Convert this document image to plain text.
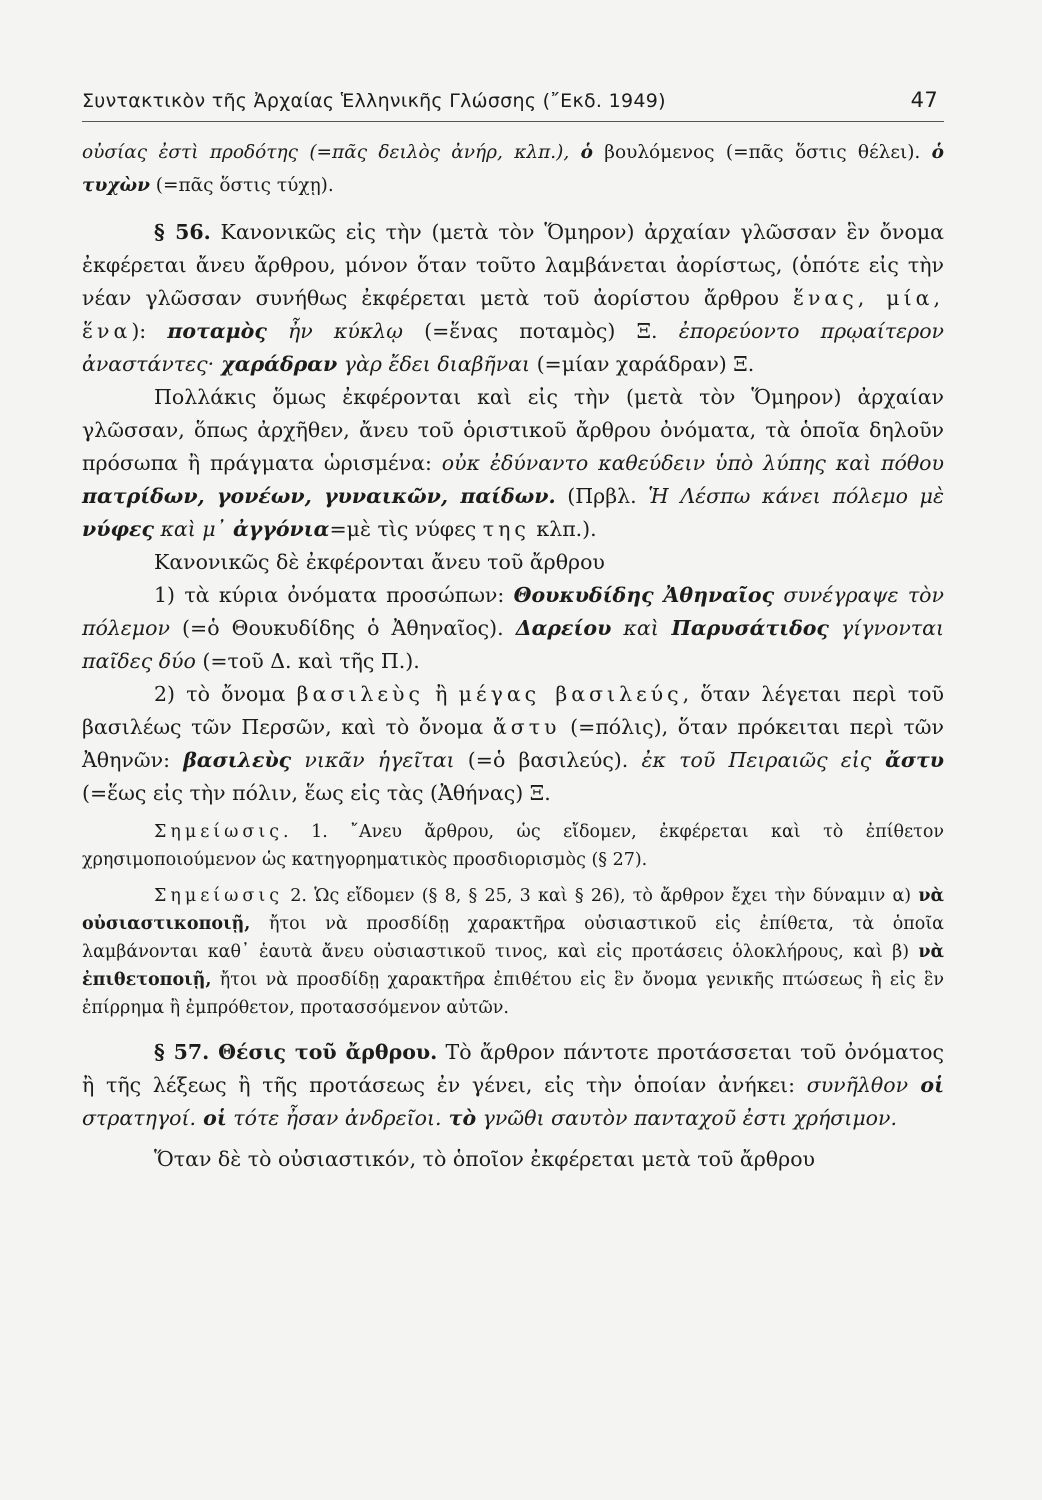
Συντακτικὸν τῆς Ἀρχαίας Ἑλληνικῆς Γλώσσης (῎Εκδ. 1949)	47

οὐσίας ἐστὶ προδότης (=πᾶς δειλὸς ἀνήρ, κλπ.), ὁ βουλόμενος (=πᾶς ὅστις θέλει). ὁ τυχὼν (=πᾶς ὅστις τύχῃ).

§ 56. Κανονικῶς εἰς τὴν (μετὰ τὸν Ὅμηρον) ἀρχαίαν γλῶσσαν ἓν ὄνομα ἐκφέρεται ἄνευ ἄρθρου, μόνον ὅταν τοῦτο λαμβάνεται ἀορίστως, (ὁπότε εἰς τὴν νέαν γλῶσσαν συνήθως ἐκφέρεται μετὰ τοῦ ἀορίστου ἄρθρου ἕνας, μία, ἕνα): ποταμὸς ἦν κύκλῳ (=ἕνας ποταμὸς) Ξ. ἐπορεύοντο πρῳαίτερον ἀναστάντες· χαράδραν γὰρ ἔδει διαβῆναι (=μίαν χαράδραν) Ξ.

Πολλάκις ὅμως ἐκφέρονται καὶ εἰς τὴν (μετὰ τὸν Ὅμηρον) ἀρχαίαν γλῶσσαν, ὅπως ἀρχῆθεν, ἄνευ τοῦ ὁριστικοῦ ἄρθρου ὀνόματα, τὰ ὁποῖα δηλοῦν πρόσωπα ἢ πράγματα ὡρισμένα: οὐκ ἐδύναντο καθεύδειν ὑπὸ λύπης καὶ πόθου πατρίδων, γονέων, γυναικῶν, παίδων. (Πρβλ. Ἡ Λέσπω κάνει πόλεμο μὲ νύφες καὶ μ᾽ ἀγγόνια=μὲ τὶς νύφες της κλπ.).

Κανονικῶς δὲ ἐκφέρονται ἄνευ τοῦ ἄρθρου

1) τὰ κύρια ὀνόματα προσώπων: Θουκυδίδης Ἀθηναῖος συνέγραψε τὸν πόλεμον (=ὁ Θουκυδίδης ὁ Ἀθηναῖος). Δαρείου καὶ Παρυσάτιδος γίγνονται παῖδες δύο (=τοῦ Δ. καὶ τῆς Π.).

2) τὸ ὄνομα βασιλεὺς ἢ μέγας βασιλεύς, ὅταν λέγεται περὶ τοῦ βασιλέως τῶν Περσῶν, καὶ τὸ ὄνομα ἄστυ (=πόλις), ὅταν πρόκειται περὶ τῶν Ἀθηνῶν: βασιλεὺς νικᾶν ἡγεῖται (=ὁ βασιλεύς). ἐκ τοῦ Πειραιῶς εἰς ἄστυ (=ἕως εἰς τὴν πόλιν, ἕως εἰς τὰς (Ἀθήνας) Ξ.

Σημείωσις. 1. ῎Ανευ ἄρθρου, ὡς εἴδομεν, ἐκφέρεται καὶ τὸ ἐπίθετον χρησιμοποιούμενον ὡς κατηγορηματικὸς προσδιορισμὸς (§ 27).

Σημείωσις 2. Ὡς εἴδομεν (§ 8, § 25, 3 καὶ § 26), τὸ ἄρθρον ἔχει τὴν δύναμιν α) νὰ οὐσιαστικοποιῇ, ἤτοι νὰ προσδίδῃ χαρακτῆρα οὐσιαστικοῦ εἰς ἐπίθετα, τὰ ὁποῖα λαμβάνονται καθ᾽ ἑαυτὰ ἄνευ οὐσιαστικοῦ τινος, καὶ εἰς προτάσεις ὁλοκλήρους, καὶ β) νὰ ἐπιθετοποιῇ, ἤτοι νὰ προσδίδῃ χαρακτῆρα ἐπιθέτου εἰς ἓν ὄνομα γενικῆς πτώσεως ἢ εἰς ἓν ἐπίρρημα ἢ ἐμπρόθετον, προτασσόμενον αὐτῶν.

§ 57. Θέσις τοῦ ἄρθρου. Τὸ ἄρθρον πάντοτε προτάσσεται τοῦ ὀνόματος ἢ τῆς λέξεως ἢ τῆς προτάσεως ἐν γένει, εἰς τὴν ὁποίαν ἀνήκει: συνῆλθον οἱ στρατηγοί. οἱ τότε ἦσαν ἀνδρεῖοι. τὸ γνῶθι σαυτὸν πανταχοῦ ἐστι χρήσιμον.

Ὅταν δὲ τὸ οὐσιαστικόν, τὸ ὁποῖον ἐκφέρεται μετὰ τοῦ ἄρθρου
